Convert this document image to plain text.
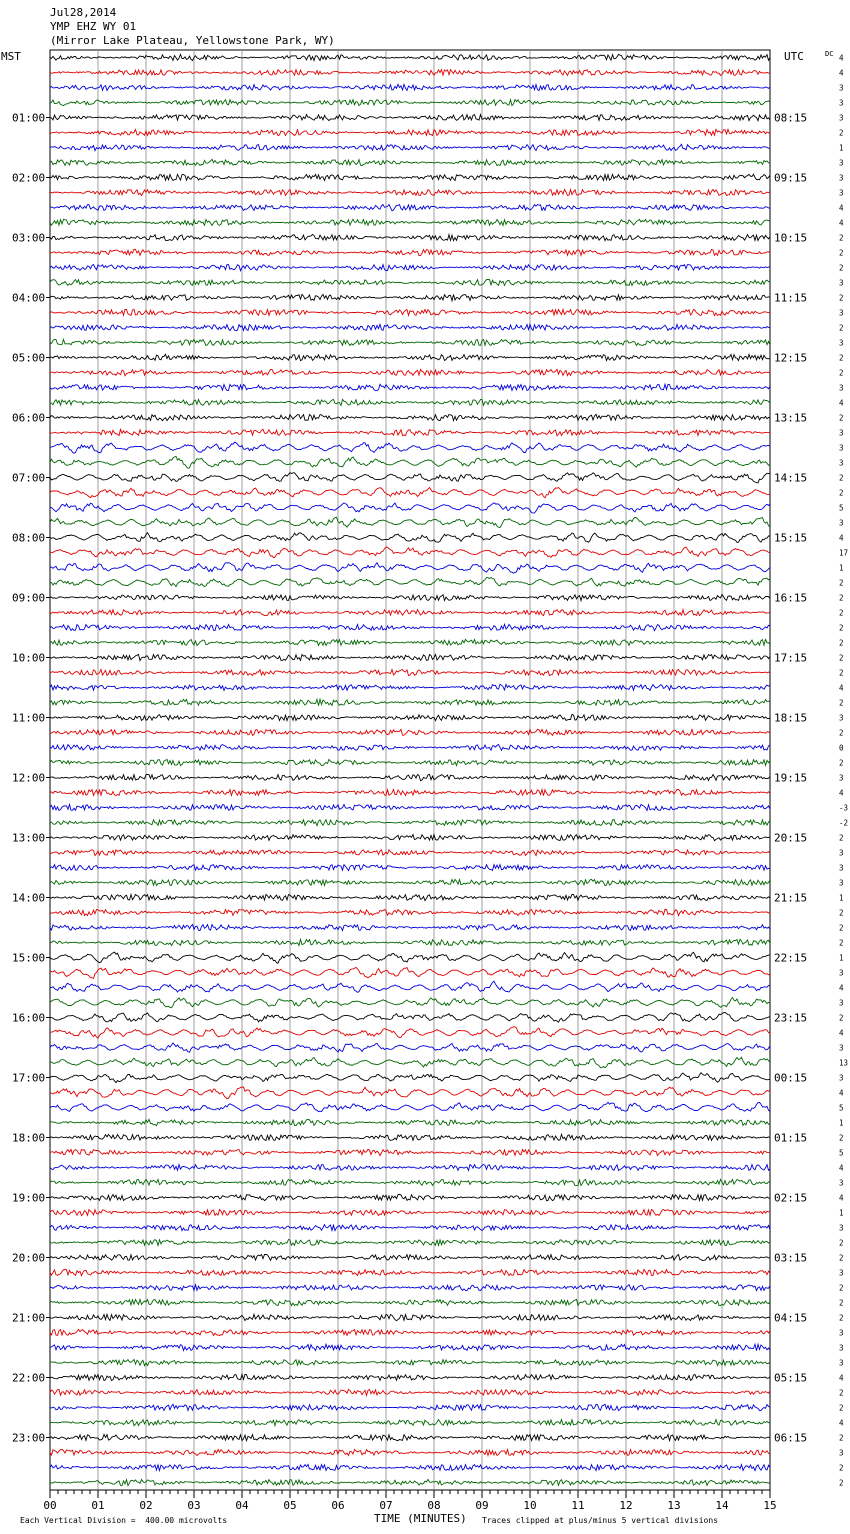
Jul28,2014
YMP EHZ WY 01
(Mirror Lake Plateau, Yellowstone Park, WY)
MST	UTC	DC 4
4
3
3
3
2
1
3
3
3
4
4
2
2
2
3
2
3
2
3
2
2
3
4
2
3
3
3
2
2
5
3
4
17
1
2
2
2
2
2
2
2
4
2
3
2
0
2
3
4
-3
-2
2
3
3
3
1
2
2
2
1
3
4
3
2
4
3
13
3
4
5
1
2
5
4
3
4
1
3
2
2
3
2
2
2
3
3
3
4
2
2
4
2
3
2
2
01:00
02:00
03:00
04:00
05:00
06:00
07:00
08:00
09:00
10:00
11:00
12:00
13:00
14:00
15:00
16:00
17:00
18:00
19:00
20:00
21:00
22:00
23:00
08:15
09:15
10:15
11:15
12:15
13:15
14:15
15:15
16:15
17:15
18:15
19:15
20:15
21:15
22:15
23:15
00:15
01:15
02:15
03:15
04:15
05:15
06:15
00	01	02	03	04	05	06	07	08	09	10	11	12	13	14	15
TIME (MINUTES)
Each Vertical Division =  400.00 microvolts	Traces clipped at plus/minus 5 vertical divisions
